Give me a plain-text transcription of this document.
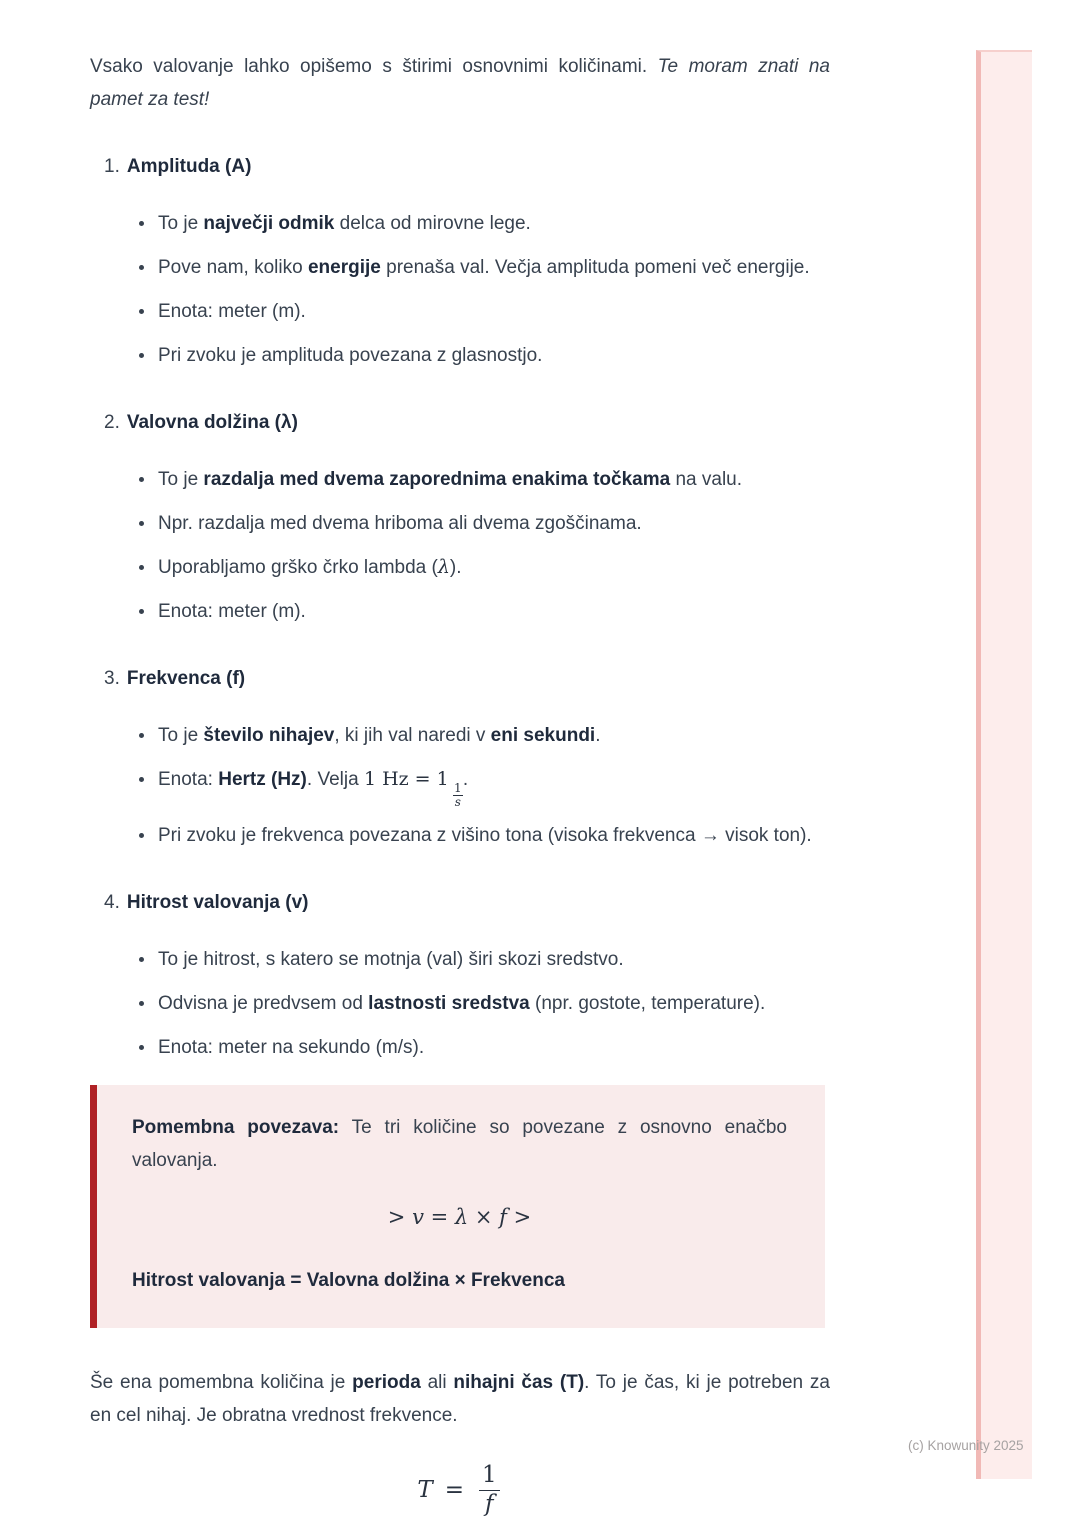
Vsako valovanje lahko opišemo s štirimi osnovnimi količinami. Te moram znati na pamet za test!

1. Amplituda (A)
To je največji odmik delca od mirovne lege.
Pove nam, koliko energije prenaša val. Večja amplituda pomeni več energije.
Enota: meter (m).
Pri zvoku je amplituda povezana z glasnostjo.
2. Valovna dolžina (λ)
To je razdalja med dvema zaporednima enakima točkama na valu.
Npr. razdalja med dvema hriboma ali dvema zgoščinama.
Uporabljamo grško črko lambda (λ).
Enota: meter (m).
3. Frekvenca (f)
To je število nihajev, ki jih val naredi v eni sekundi.
Enota: Hertz (Hz). Velja 1 Hz = 1
$\frac{1}{s}$
.
Pri zvoku je frekvenca povezana z višino tona (visoka frekvenca → visok ton).
4. Hitrost valovanja (v)
To je hitrost, s katero se motnja (val) širi skozi sredstvo.
Odvisna je predvsem od lastnosti sredstva (npr. gostote, temperature).
Enota: meter na sekundo (m/s).

Pomembna povezava: Te tri količine so povezane z osnovno enačbo valovanja.

> v = λ × f >

Hitrost valovanja = Valovna dolžina × Frekvenca

Še ena pomembna količina je perioda ali nihajni čas (T). To je čas, ki je potreben za en cel nihaj. Je obratna vrednost frekvence.

$T = \frac{1}{f}$
(c) Knowunity 2025
